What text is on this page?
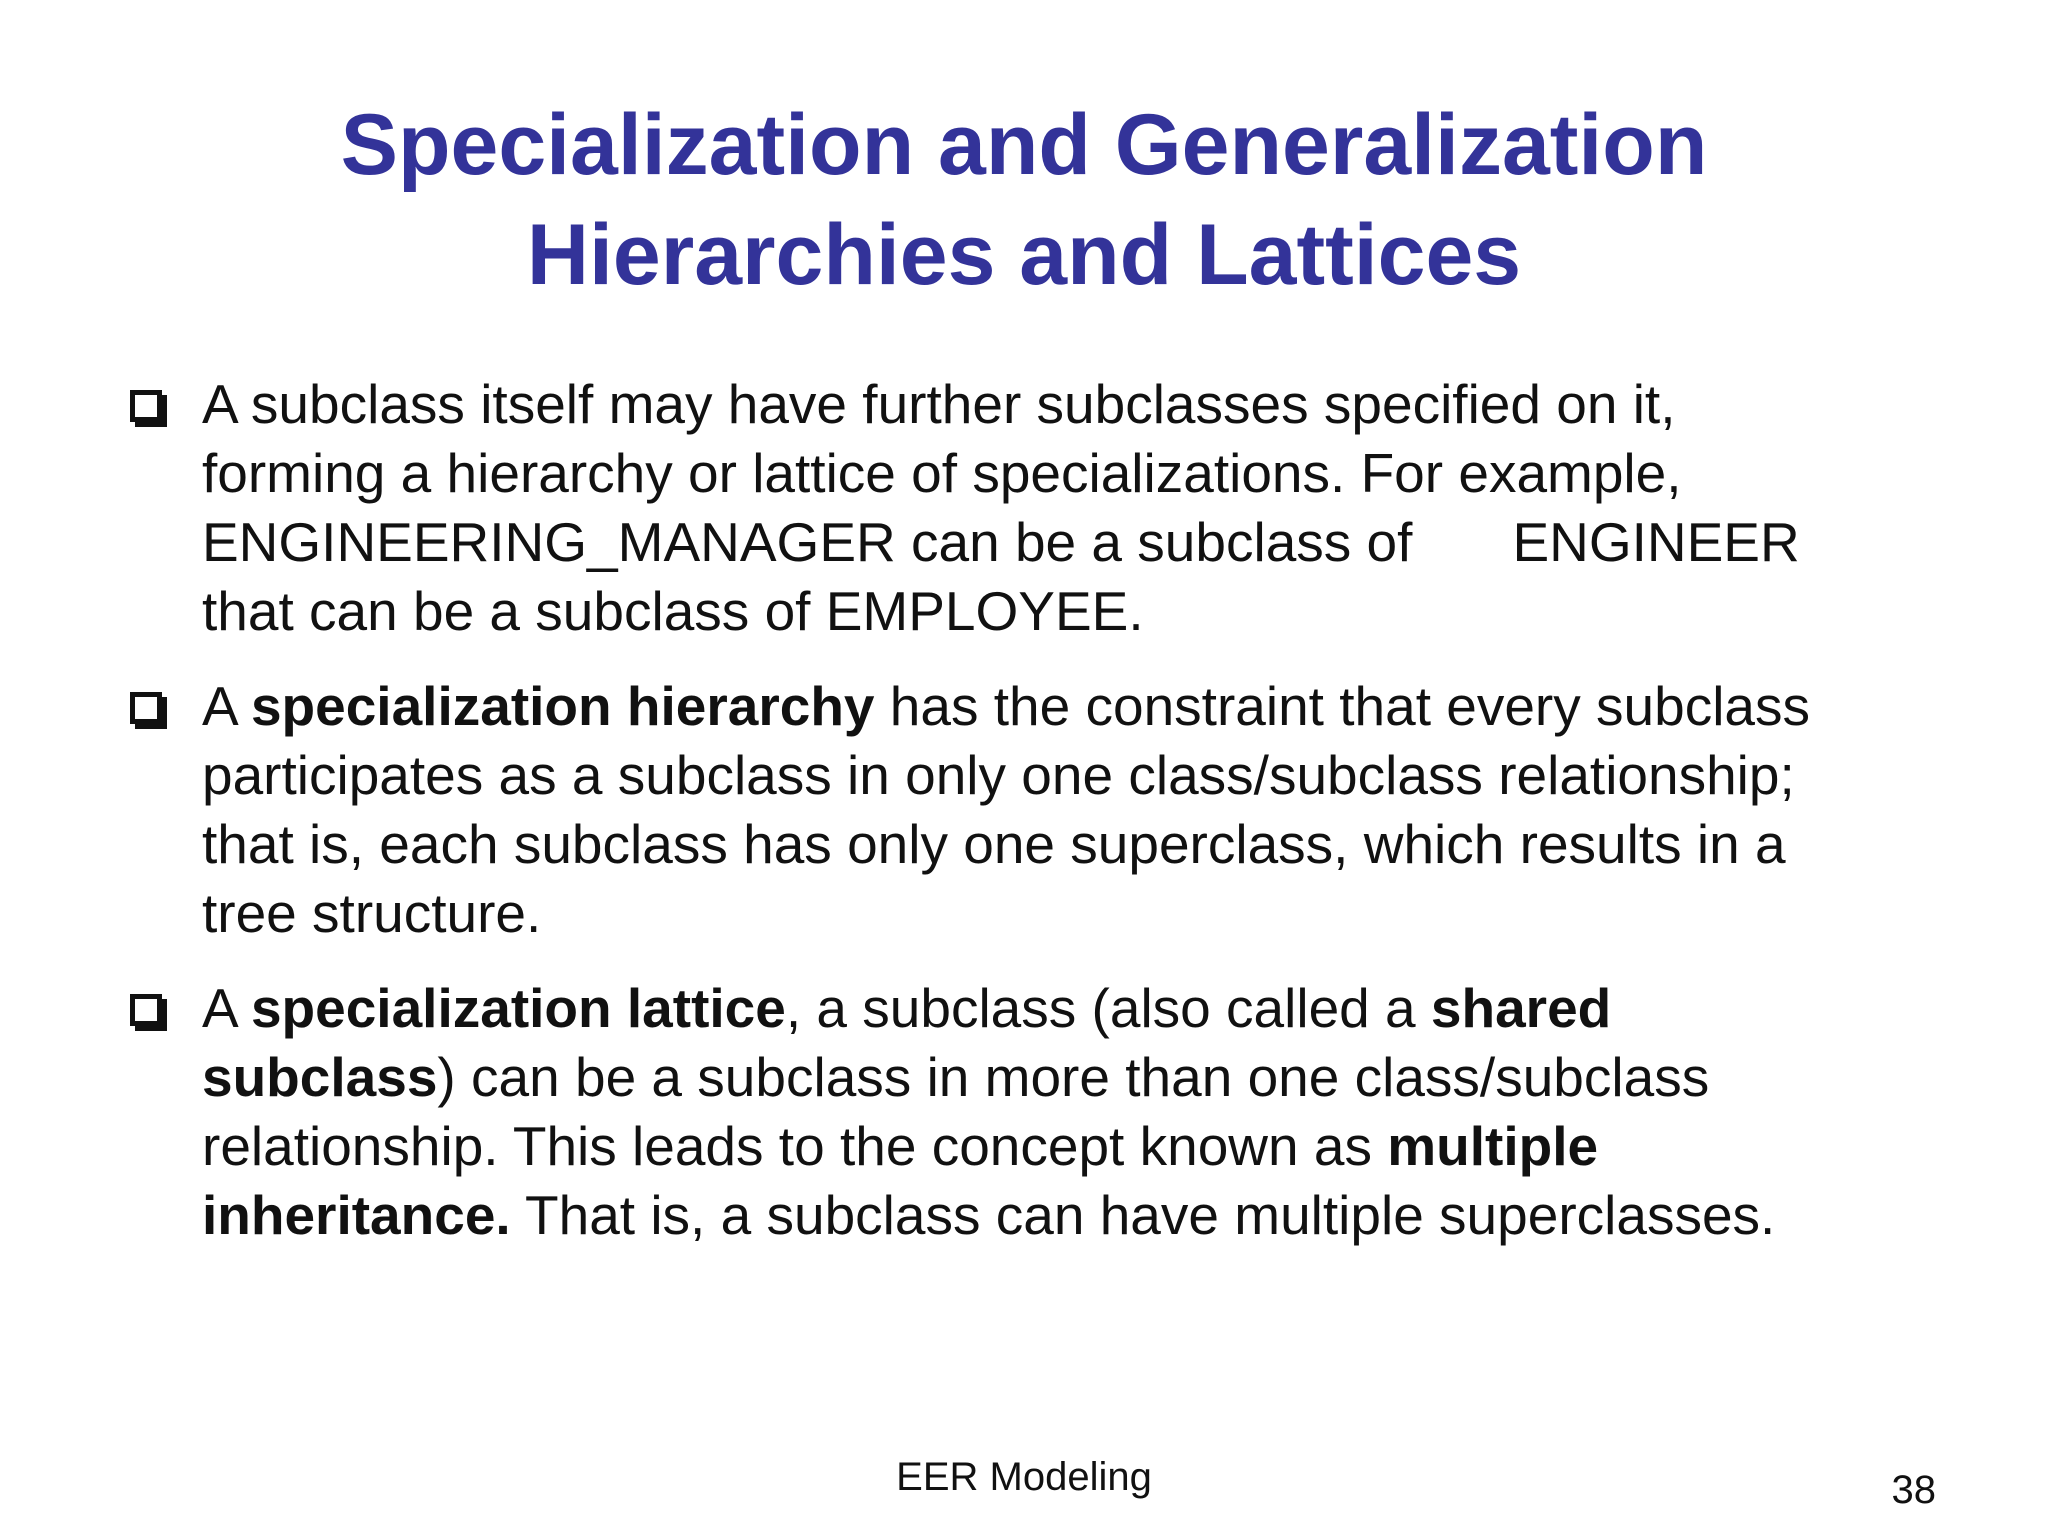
Specialization and Generalization
Hierarchies and Lattices
A subclass itself may have further subclasses specified on it,
forming a hierarchy or lattice of specializations. For example,
ENGINEERING_MANAGER can be a subclass of ENGINEER
that can be a subclass of EMPLOYEE.
A specialization hierarchy has the constraint that every subclass
participates as a subclass in only one class/subclass relationship;
that is, each subclass has only one superclass, which results in a
tree structure.
A specialization lattice, a subclass (also called a shared
subclass) can be a subclass in more than one class/subclass
relationship. This leads to the concept known as multiple
inheritance. That is, a subclass can have multiple superclasses.
EER Modeling	38
